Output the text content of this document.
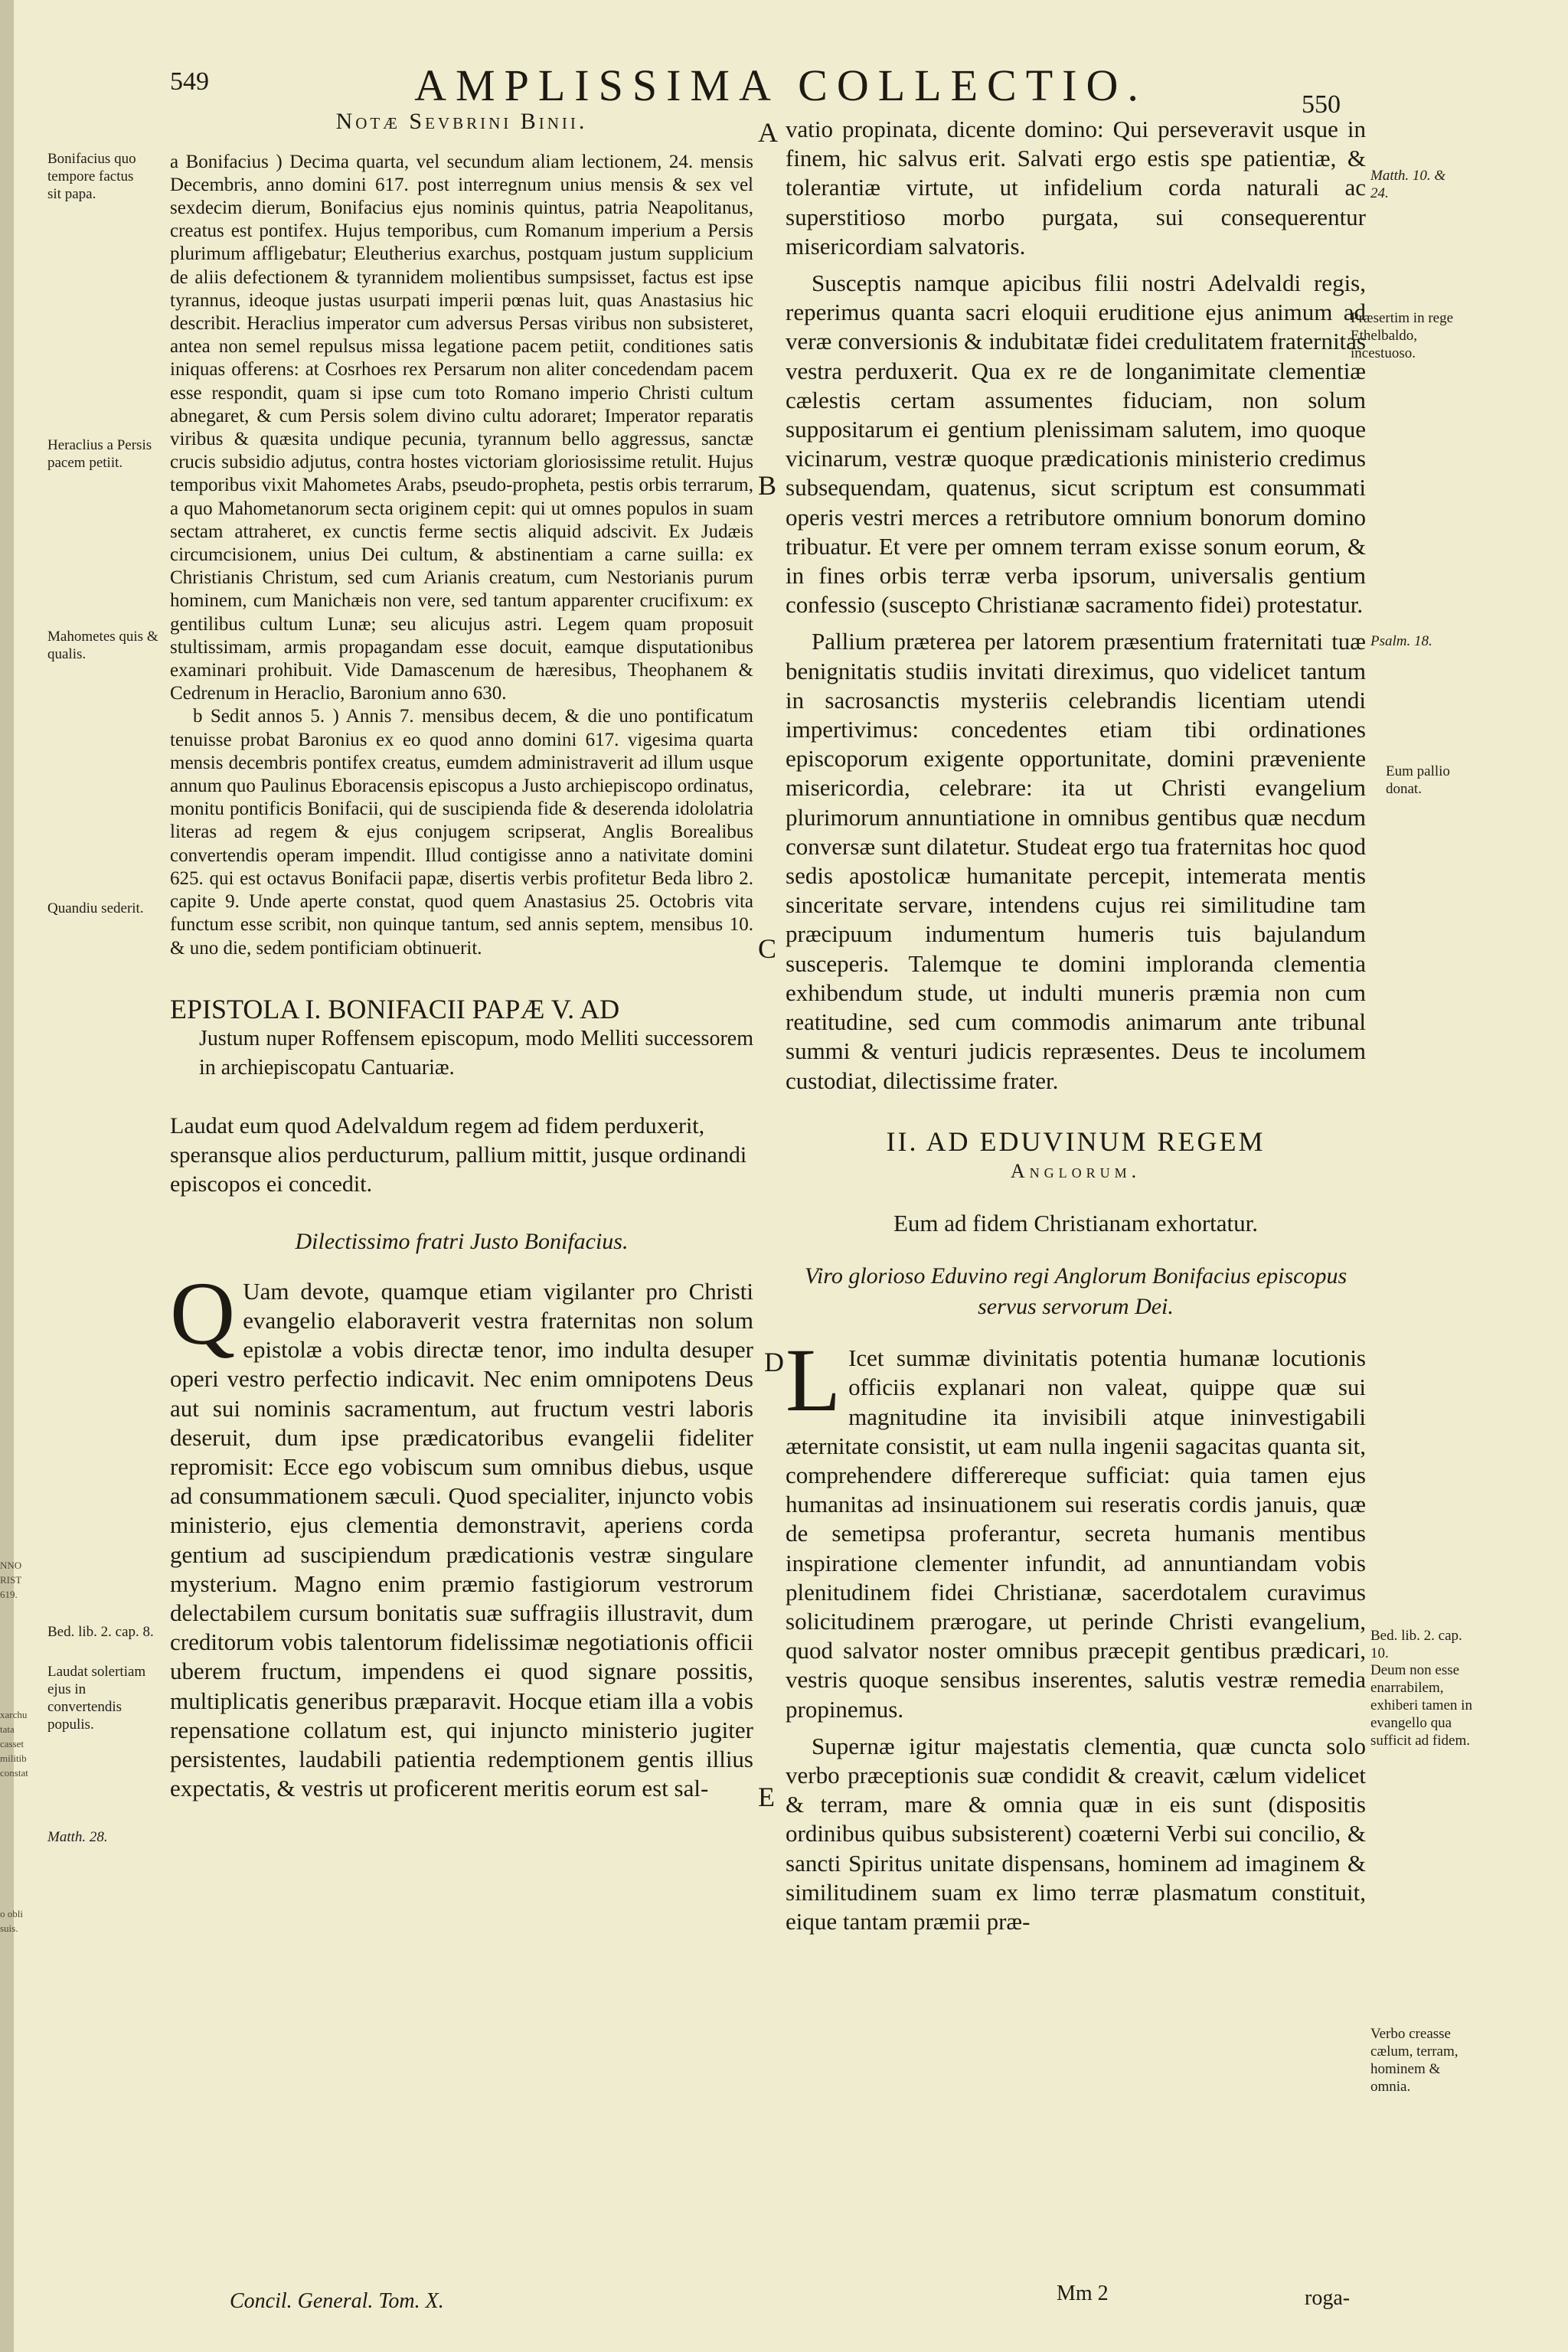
NNO RIST 619.
xarchu tata casset militib constat
o obli suis.
549	AMPLISSIMA COLLECTIO.	550
A
B
C
D
E
Notæ Sevbrini Binii.

a Bonifacius ) Decima quarta, vel secundum aliam lectionem, 24. mensis Decembris, anno domini 617. post interregnum unius mensis & sex vel sexdecim dierum, Bonifacius ejus nominis quintus, patria Neapolitanus, creatus est pontifex. Hujus temporibus, cum Romanum imperium a Persis plurimum affligebatur; Eleutherius exarchus, postquam justum supplicium de aliis defectionem & tyrannidem molientibus sumpsisset, factus est ipse tyrannus, ideoque justas usurpati imperii pœnas luit, quas Anastasius hic describit. Heraclius imperator cum adversus Persas viribus non subsisteret, antea non semel repulsus missa legatione pacem petiit, conditiones satis iniquas offerens: at Cosrhoes rex Persarum non aliter concedendam pacem esse respondit, quam si ipse cum toto Romano imperio Christi cultum abnegaret, & cum Persis solem divino cultu adoraret; Imperator reparatis viribus & quæsita undique pecunia, tyrannum bello aggressus, sanctæ crucis subsidio adjutus, contra hostes victoriam gloriosissime retulit. Hujus temporibus vixit Mahometes Arabs, pseudo-propheta, pestis orbis terrarum, a quo Mahometanorum secta originem cepit: qui ut omnes populos in suam sectam attraheret, ex cunctis ferme sectis aliquid adscivit. Ex Judæis circumcisionem, unius Dei cultum, & abstinentiam a carne suilla: ex Christianis Christum, sed cum Arianis creatum, cum Nestorianis purum hominem, cum Manichæis non vere, sed tantum apparenter crucifixum: ex gentilibus cultum Lunæ; seu alicujus astri. Legem quam proposuit stultissimam, armis propagandam esse docuit, eamque disputationibus examinari prohibuit. Vide Damascenum de hæresibus, Theophanem & Cedrenum in Heraclio, Baronium anno 630.

b Sedit annos 5. ) Annis 7. mensibus decem, & die uno pontificatum tenuisse probat Baronius ex eo quod anno domini 617. vigesima quarta mensis decembris pontifex creatus, eumdem administraverit ad illum usque annum quo Paulinus Eboracensis episcopus a Justo archiepiscopo ordinatus, monitu pontificis Bonifacii, qui de suscipienda fide & deserenda idololatria literas ad regem & ejus conjugem scripserat, Anglis Borealibus convertendis operam impendit. Illud contigisse anno a nativitate domini 625. qui est octavus Bonifacii papæ, disertis verbis profitetur Beda libro 2. capite 9. Unde aperte constat, quod quem Anastasius 25. Octobris vita functum esse scribit, non quinque tantum, sed annis septem, mensibus 10. & uno die, sedem pontificiam obtinuerit.

EPISTOLA I. BONIFACII PAPÆ V. AD
Justum nuper Roffensem episcopum, modo Melliti successorem in archiepiscopatu Cantuariæ.

Laudat eum quod Adelvaldum regem ad fidem perduxerit, speransque alios perducturum, pallium mittit, jusque ordinandi episcopos ei concedit.

Dilectissimo fratri Justo Bonifacius.

Q Uam devote, quamque etiam vigilanter pro Christi evangelio elaboraverit vestra fraternitas non solum epistolæ a vobis directæ tenor, imo indulta desuper operi vestro perfectio indicavit. Nec enim omnipotens Deus aut sui nominis sacramentum, aut fructum vestri laboris deseruit, dum ipse prædicatoribus evangelii fideliter repromisit: Ecce ego vobiscum sum omnibus diebus, usque ad consummationem sæculi. Quod specialiter, injuncto vobis ministerio, ejus clementia demonstravit, aperiens corda gentium ad suscipiendum prædicationis vestræ singulare mysterium. Magno enim præmio fastigiorum vestrorum delectabilem cursum bonitatis suæ suffragiis illustravit, dum creditorum vobis talentorum fidelissimæ negotiationis officii uberem fructum, impendens ei quod signare possitis, multiplicatis generibus præparavit. Hocque etiam illa a vobis repensatione collatum est, qui injuncto ministerio jugiter persistentes, laudabili patientia redemptionem gentis illius expectatis, & vestris ut proficerent meritis eorum est sal-

Concil. General. Tom. X.
Bonifacius quo tempore factus sit papa.
Heraclius a Persis pacem petiit.
Mahometes quis & qualis.
Quandiu sederit.
Bed. lib. 2. cap. 8.
Laudat solertiam ejus in convertendis populis.
Matth. 28.

vatio propinata, dicente domino: Qui perseveravit usque in finem, hic salvus erit. Salvati ergo estis spe patientiæ, & tolerantiæ virtute, ut infidelium corda naturali ac superstitioso morbo purgata, sui consequerentur misericordiam salvatoris.

Susceptis namque apicibus filii nostri Adelvaldi regis, reperimus quanta sacri eloquii eruditione ejus animum ad veræ conversionis & indubitatæ fidei credulitatem fraternitas vestra perduxerit. Qua ex re de longanimitate clementiæ cælestis certam assumentes fiduciam, non solum suppositarum ei gentium plenissimam salutem, imo quoque vicinarum, vestræ quoque prædicationis ministerio credimus subsequendam, quatenus, sicut scriptum est consummati operis vestri merces a retributore omnium bonorum domino tribuatur. Et vere per omnem terram exisse sonum eorum, & in fines orbis terræ verba ipsorum, universalis gentium confessio (suscepto Christianæ sacramento fidei) protestatur.

Pallium præterea per latorem præsentium fraternitati tuæ benignitatis studiis invitati direximus, quo videlicet tantum in sacrosanctis mysteriis celebrandis licentiam utendi impertivimus: concedentes etiam tibi ordinationes episcoporum exigente opportunitate, domini prævenientе misericordia, celebrare: ita ut Christi evangelium plurimorum annuntiatione in omnibus gentibus quæ necdum conversæ sunt dilatetur. Studeat ergo tua fraternitas hoc quod sedis apostolicæ humanitate percepit, intemerata mentis sinceritate servare, intendens cujus rei similitudine tam præcipuum indumentum humeris tuis bajulandum susceperis. Talemque te domini implorandа clementia exhibendum stude, ut indulti muneris præmia non cum reatitudine, sed cum commodis animarum ante tribunal summi & venturi judicis repræsentes. Deus te incolumem custodiat, dilectissime frater.

II. AD EDUVINUM REGEM
Anglorum.

Eum ad fidem Christianam exhortatur.

Viro glorioso Eduvino regi Anglorum Bonifacius episcopus servus servorum Dei.

L Icet summæ divinitatis potentia humanæ locutionis officiis explanari non valeat, quippe quæ sui magnitudine ita invisibili atque ininvestigabili æternitate consistit, ut eam nulla ingenii sagacitas quanta sit, comprehendere differereque sufficiat: quia tamen ejus humanitas ad insinuationem sui reseratis cordis januis, quæ de semetipsa proferantur, secreta humanis mentibus inspiratione clementer infundit, ad annuntiandam vobis plenitudinem fidei Christianæ, sacerdotalem curavimus solicitudinem prærogare, ut perinde Christi evangelium, quod salvator noster omnibus præcepit gentibus prædicari, vestris quoque sensibus inserentes, salutis vestræ remedia propinemus.

Supernæ igitur majestatis clementia, quæ cuncta solo verbo præceptionis suæ condidit & creavit, cælum videlicet & terram, mare & omnia quæ in eis sunt (dispositis ordinibus quibus subsisterent) coæterni Verbi sui concilio, & sancti Spiritus unitate dispensans, hominem ad imaginem & similitudinem suam ex limo terræ plasmatum constituit, eique tantam præmii præ-

Mm 2	roga-
Matth. 10. & 24.
Præsertim in rege Ethelbaldo, incestuoso.
Psalm. 18.
Eum pallio donat.
Bed. lib. 2. cap. 10.
Deum non esse enarrabilem, exhiberi tamen in evangello qua sufficit ad fidem.
Verbo creasse cælum, terram, hominem & omnia.
